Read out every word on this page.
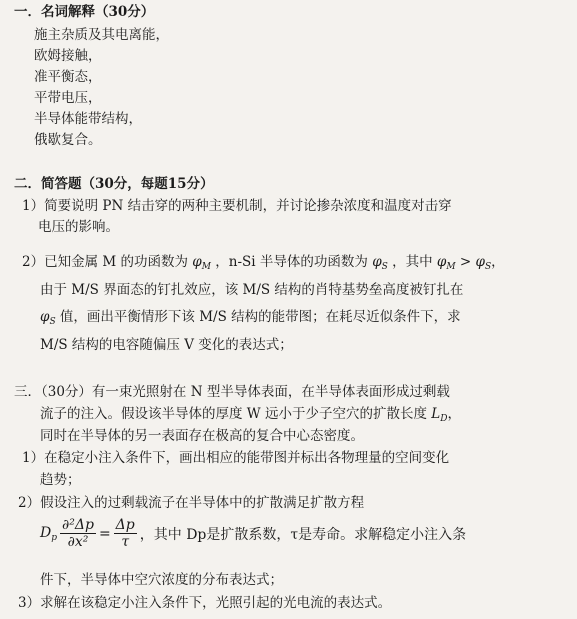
一．名词解释（30分）
施主杂质及其电离能，
欧姆接触，
准平衡态，
平带电压，
半导体能带结构，
俄歇复合。
二．简答题（30分，每题15分）
1）简要说明 PN 结击穿的两种主要机制，并讨论掺杂浓度和温度对击穿
电压的影响。
2）已知金属 M 的功函数为 $\varphi_M$ ，n-Si 半导体的功函数为 $\varphi_S$ ，其中 $\varphi_M > \varphi_S$，
由于 M/S 界面态的钉扎效应，该 M/S 结构的肖特基势垒高度被钉扎在
$\varphi_S$ 值，画出平衡情形下该 M/S 结构的能带图；在耗尽近似条件下，求
M/S 结构的电容随偏压 V 变化的表达式；
三．（30分）有一束光照射在 N 型半导体表面，在半导体表面形成过剩载
流子的注入。假设该半导体的厚度 W 远小于少子空穴的扩散长度 $L_D$，
同时在半导体的另一表面存在极高的复合中心态密度。
1）在稳定小注入条件下，画出相应的能带图并标出各物理量的空间变化
趋势；
2）假设注入的过剩载流子在半导体中的扩散满足扩散方程
$D_p \frac{\text{∂²Δp}}{\text{∂x²}} = \frac{\Delta p}{\tau}$ ，其中 Dp是扩散系数，τ是寿命。求解稳定小注入条
件下，半导体中空穴浓度的分布表达式；
3）求解在该稳定小注入条件下，光照引起的光电流的表达式。
